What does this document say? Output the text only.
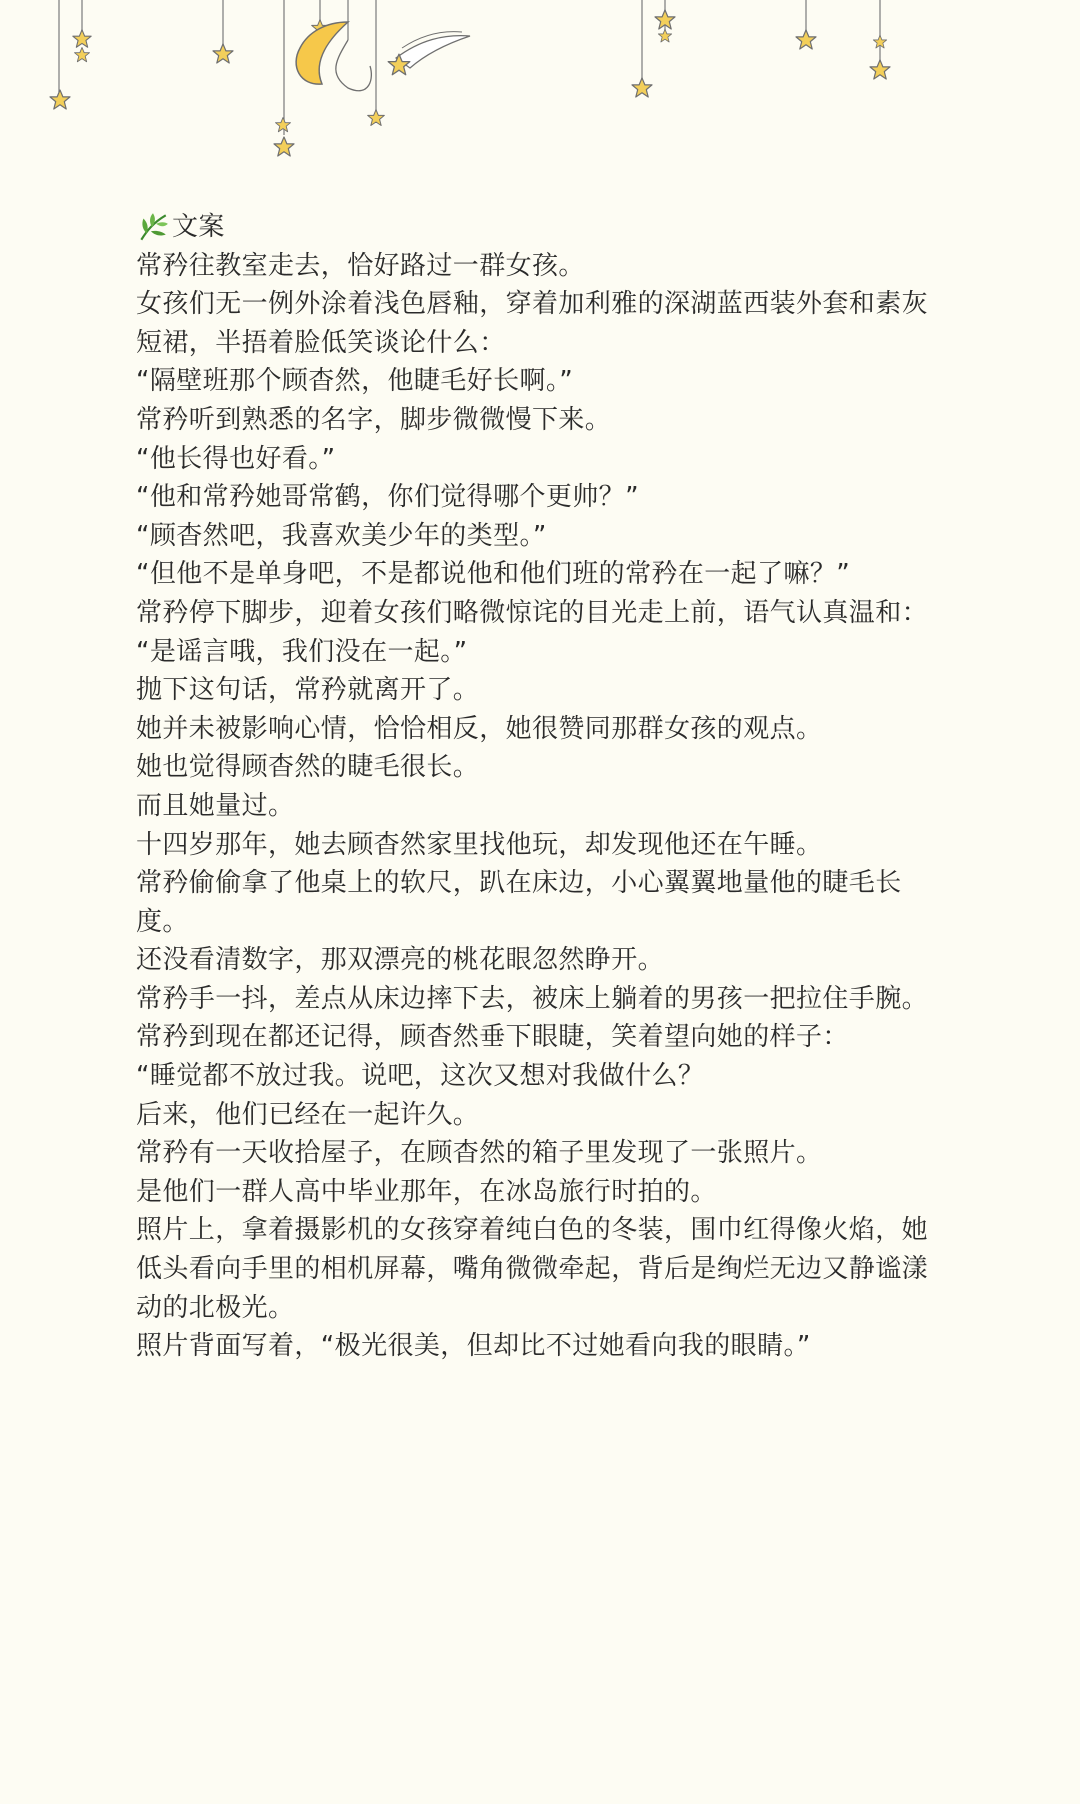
文案

常矜往教室走去，恰好路过一群女孩。

女孩们无一例外涂着浅色唇釉，穿着加利雅的深湖蓝西装外套和素灰短裙，半捂着脸低笑谈论什么：

“隔壁班那个顾杳然，他睫毛好长啊。”

常矜听到熟悉的名字，脚步微微慢下来。

“他长得也好看。”

“他和常矜她哥常鹤，你们觉得哪个更帅？”

“顾杳然吧，我喜欢美少年的类型。”

“但他不是单身吧，不是都说他和他们班的常矜在一起了嘛？”

常矜停下脚步，迎着女孩们略微惊诧的目光走上前，语气认真温和：

“是谣言哦，我们没在一起。”

抛下这句话，常矜就离开了。

她并未被影响心情，恰恰相反，她很赞同那群女孩的观点。

她也觉得顾杳然的睫毛很长。

而且她量过。

十四岁那年，她去顾杳然家里找他玩，却发现他还在午睡。

常矜偷偷拿了他桌上的软尺，趴在床边，小心翼翼地量他的睫毛长度。

还没看清数字，那双漂亮的桃花眼忽然睁开。

常矜手一抖，差点从床边摔下去，被床上躺着的男孩一把拉住手腕。

常矜到现在都还记得，顾杳然垂下眼睫，笑着望向她的样子：

“睡觉都不放过我。说吧，这次又想对我做什么？

后来，他们已经在一起许久。

常矜有一天收拾屋子，在顾杳然的箱子里发现了一张照片。

是他们一群人高中毕业那年，在冰岛旅行时拍的。

照片上，拿着摄影机的女孩穿着纯白色的冬装，围巾红得像火焰，她低头看向手里的相机屏幕，嘴角微微牵起，背后是绚烂无边又静谧漾动的北极光。

照片背面写着，“极光很美，但却比不过她看向我的眼睛。”
